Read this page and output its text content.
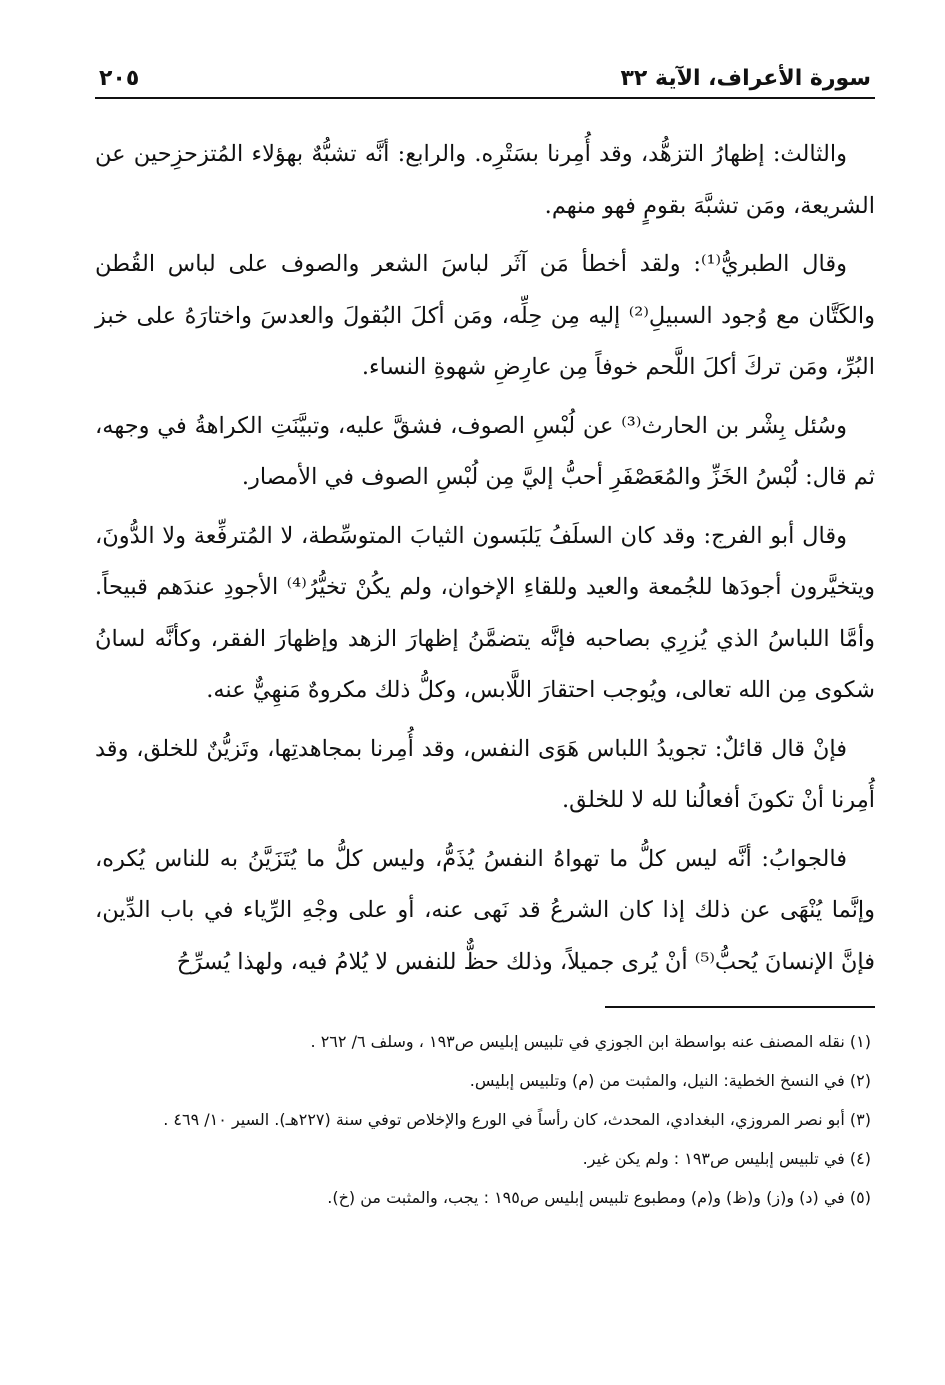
سورة الأعراف، الآية ٣٢
٢٠٥

والثالث: إظهارُ التزهُّد، وقد أُمِرنا بسَتْرِه. والرابع: أنَّه تشبُّهٌ بهؤلاء المُتزحزِحين عن الشريعة، ومَن تشبَّهَ بقومٍ فهو منهم.

وقال الطبريُّ⁽¹⁾: ولقد أخطأ مَن آثَر لباسَ الشعر والصوف على لباس القُطن والكَتَّان مع وُجود السبيلِ⁽²⁾ إليه مِن حِلِّه، ومَن أكلَ البُقولَ والعدسَ واختارَهُ على خبز البُرِّ، ومَن تركَ أكلَ اللَّحم خوفاً مِن عارِضِ شهوةِ النساء.

وسُئل بِشْر بن الحارث⁽³⁾ عن لُبْسِ الصوف، فشقَّ عليه، وتبيَّنَتِ الكراهةُ في وجهه، ثم قال: لُبْسُ الخَزِّ والمُعَصْفَرِ أحبُّ إليَّ مِن لُبْسِ الصوف في الأمصار.

وقال أبو الفرج: وقد كان السلَفُ يَلبَسون الثيابَ المتوسِّطة، لا المُترفِّعة ولا الدُّونَ، ويتخيَّرون أجودَها للجُمعة والعيد وللقاءِ الإخوان، ولم يكُنْ تخيُّرُ⁽⁴⁾ الأجودِ عندَهم قبيحاً. وأمَّا اللباسُ الذي يُزرِي بصاحبه فإنَّه يتضمَّنُ إظهارَ الزهد وإظهارَ الفقر، وكأنَّه لسانُ شكوى مِن الله تعالى، ويُوجب احتقارَ اللَّابس، وكلُّ ذلك مكروهٌ مَنهِيٌّ عنه.

فإنْ قال قائلٌ: تجويدُ اللباس هَوَى النفس، وقد أُمِرنا بمجاهدتِها، وتَزيُّنٌ للخلق، وقد أُمِرنا أنْ تكونَ أفعالُنا لله لا للخلق.

فالجوابُ: أنَّه ليس كلُّ ما تهواهُ النفسُ يُذَمُّ، وليس كلُّ ما يُتَزَيَّنُ به للناس يُكره، وإنَّما يُنْهَى عن ذلك إذا كان الشرعُ قد نَهى عنه، أو على وجْهِ الرِّياء في باب الدِّين، فإنَّ الإنسانَ يُحبُّ⁽⁵⁾ أنْ يُرى جميلاً، وذلك حظٌّ للنفس لا يُلامُ فيه، ولهذا يُسرِّحُ

(١) نقله المصنف عنه بواسطة ابن الجوزي في تلبيس إبليس ص١٩٣ ، وسلف ٦/ ٢٦٢ .

(٢) في النسخ الخطية: النيل، والمثبت من (م) وتلبيس إبليس.

(٣) أبو نصر المروزي، البغدادي، المحدث، كان رأساً في الورع والإخلاص توفي سنة (٢٢٧هـ). السير ١٠/ ٤٦٩ .

(٤) في تلبيس إبليس ص١٩٣ : ولم يكن غير.

(٥) في (د) و(ز) و(ظ) و(م) ومطبوع تلبيس إبليس ص١٩٥ : يجب، والمثبت من (خ).
